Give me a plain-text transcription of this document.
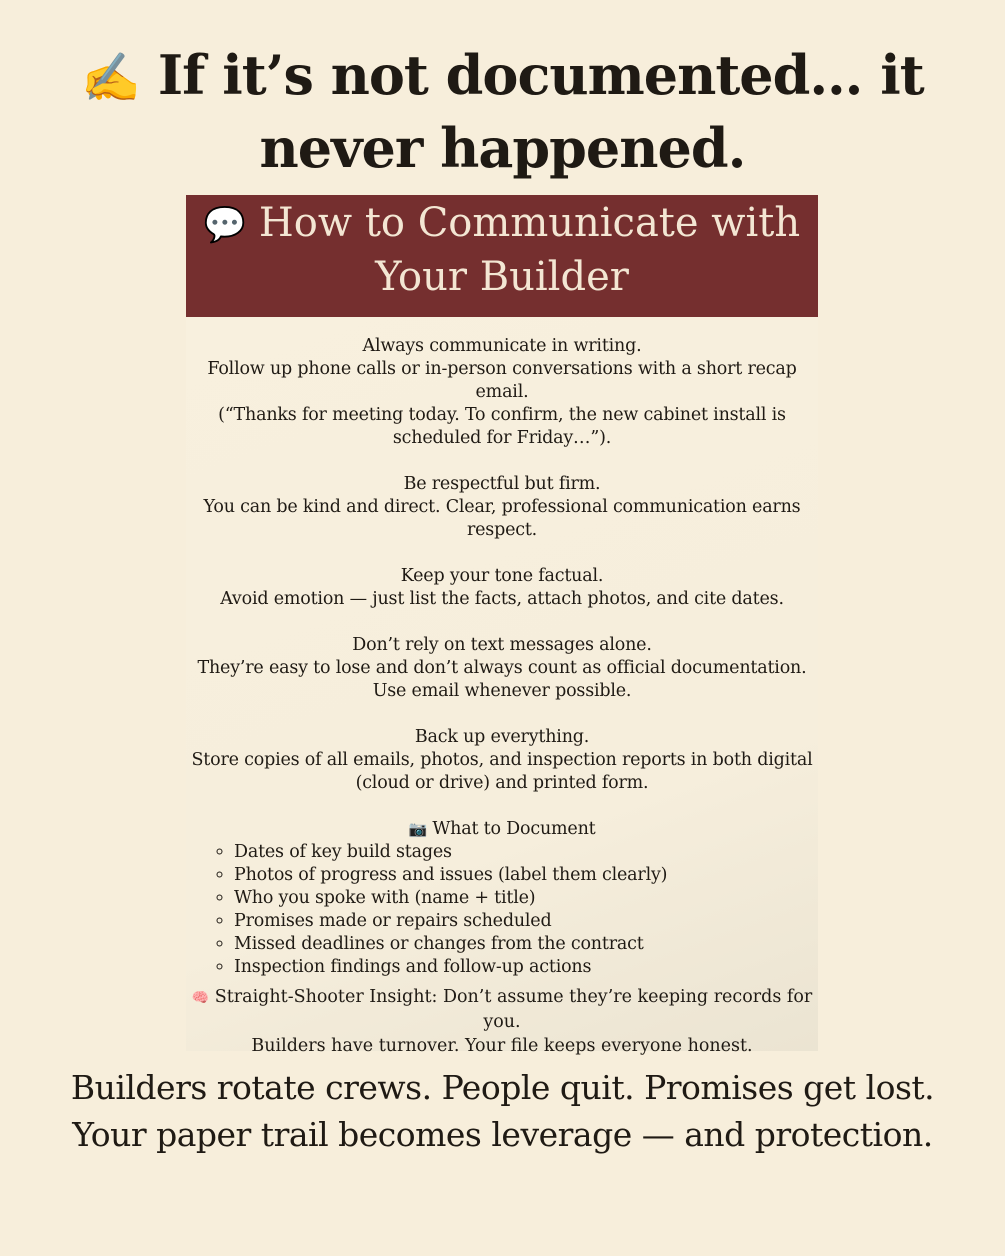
✍️ If it’s not documented… it never happened.
💬 How to Communicate with
Your Builder

Always communicate in writing.

Follow up phone calls or in-person conversations with a short recap email.

(“Thanks for meeting today. To confirm, the new cabinet install is scheduled for Friday…”).

Be respectful but firm.

You can be kind and direct. Clear, professional communication earns respect.

Keep your tone factual.

Avoid emotion — just list the facts, attach photos, and cite dates.

Don’t rely on text messages alone.

They’re easy to lose and don’t always count as official documentation. Use email whenever possible.

Back up everything.

Store copies of all emails, photos, and inspection reports in both digital (cloud or drive) and printed form.

📷 What to Document

◦ Dates of key build stages
◦ Photos of progress and issues (label them clearly)
◦ Who you spoke with (name + title)
◦ Promises made or repairs scheduled
◦ Missed deadlines or changes from the contract
◦ Inspection findings and follow-up actions

🧠 Straight-Shooter Insight: Don’t assume they’re keeping records for you.

Builders have turnover. Your file keeps everyone honest.

Builders rotate crews. People quit. Promises get lost.

Your paper trail becomes leverage — and protection.
